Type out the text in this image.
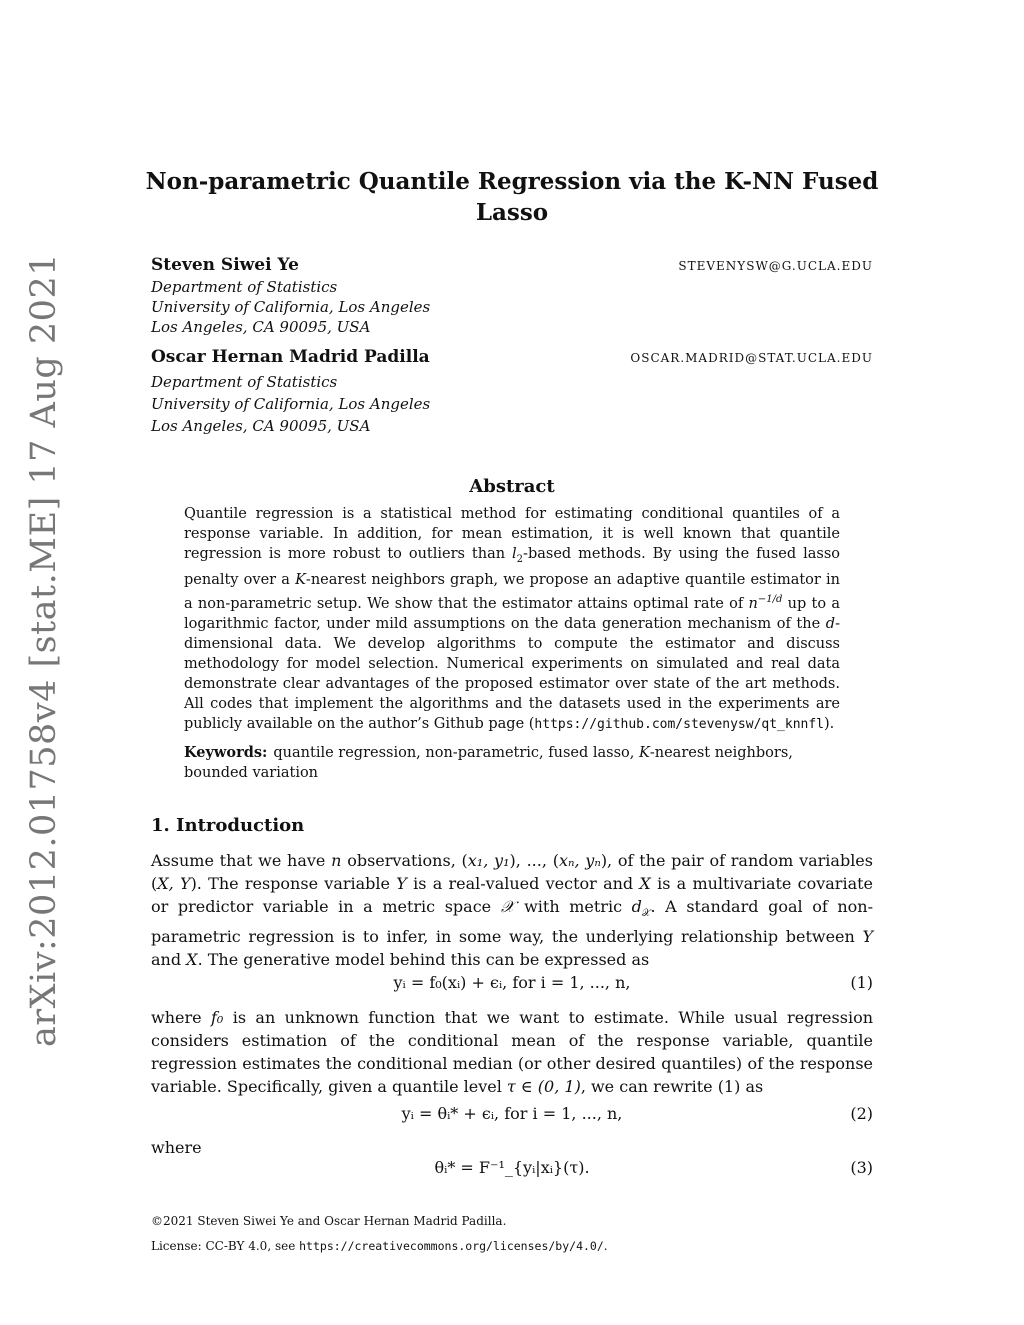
arXiv:2012.01758v4 [stat.ME] 17 Aug 2021
Non-parametric Quantile Regression via the K-NN Fused
Lasso
Steven Siwei Ye	STEVENYSW@G.UCLA.EDU
Department of Statistics
University of California, Los Angeles
Los Angeles, CA 90095, USA
Oscar Hernan Madrid Padilla	OSCAR.MADRID@STAT.UCLA.EDU
Department of Statistics
University of California, Los Angeles
Los Angeles, CA 90095, USA
Abstract
Quantile regression is a statistical method for estimating conditional quantiles of a response variable. In addition, for mean estimation, it is well known that quantile regression is more robust to outliers than $l_2$-based methods. By using the fused lasso penalty over a K-nearest neighbors graph, we propose an adaptive quantile estimator in a non-parametric setup. We show that the estimator attains optimal rate of $n^{-1/d}$ up to a logarithmic factor, under mild assumptions on the data generation mechanism of the d-dimensional data. We develop algorithms to compute the estimator and discuss methodology for model selection. Numerical experiments on simulated and real data demonstrate clear advantages of the proposed estimator over state of the art methods. All codes that implement the algorithms and the datasets used in the experiments are publicly available on the author’s Github page (https://github.com/stevenysw/qt_knnfl).
Keywords: quantile regression, non-parametric, fused lasso, K-nearest neighbors, bounded variation
1. Introduction
Assume that we have n observations, (x₁, y₁), ..., (xₙ, yₙ), of the pair of random variables (X, Y). The response variable Y is a real-valued vector and X is a multivariate covariate or predictor variable in a metric space 𝒳 with metric $d_𝒳$. A standard goal of non-parametric regression is to infer, in some way, the underlying relationship between Y and X. The generative model behind this can be expressed as
yᵢ = f₀(xᵢ) + ϵᵢ, for i = 1, ..., n,	(1)
where f₀ is an unknown function that we want to estimate. While usual regression considers estimation of the conditional mean of the response variable, quantile regression estimates the conditional median (or other desired quantiles) of the response variable. Specifically, given a quantile level τ ∈ (0, 1), we can rewrite (1) as
yᵢ = θᵢ* + ϵᵢ, for i = 1, ..., n,	(2)
where
θᵢ* = F⁻¹_{yᵢ|xᵢ}(τ).	(3)
©2021 Steven Siwei Ye and Oscar Hernan Madrid Padilla.
License: CC-BY 4.0, see https://creativecommons.org/licenses/by/4.0/.
